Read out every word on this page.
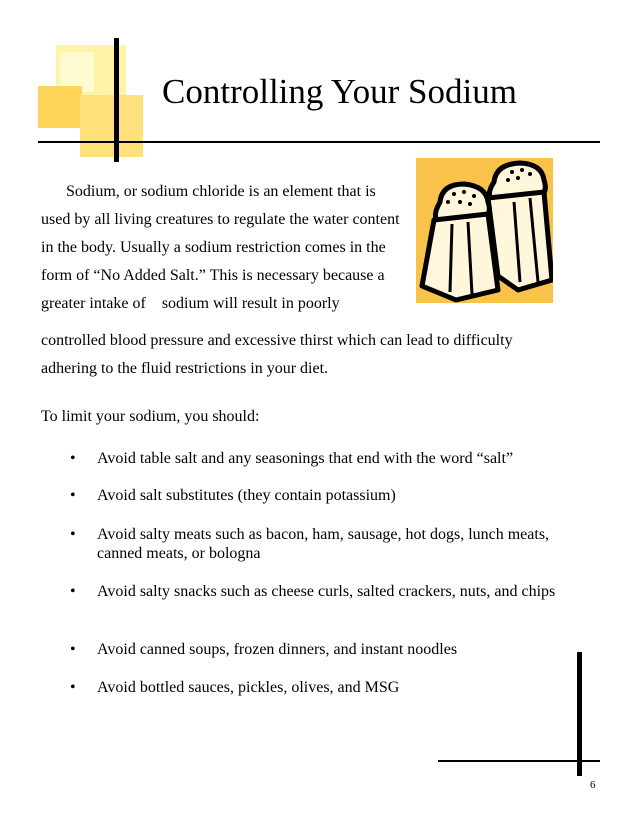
Controlling Your Sodium
Sodium, or sodium chloride is an element that is
used by all living creatures to regulate the water content
in the body. Usually a sodium restriction comes in the
form of “No Added Salt.” This is necessary because a
greater intake of    sodium will result in poorly
controlled blood pressure and excessive thirst which can lead to difficulty
adhering to the fluid restrictions in your diet.
To limit your sodium, you should:
•	Avoid table salt and any seasonings that end with the word “salt”
•	Avoid salt substitutes (they contain potassium)
•	Avoid salty meats such as bacon, ham, sausage, hot dogs, lunch meats, canned meats, or bologna
•	Avoid salty snacks such as cheese curls, salted crackers, nuts, and chips
•	Avoid canned soups, frozen dinners, and instant noodles
•	Avoid bottled sauces, pickles, olives, and MSG
6
